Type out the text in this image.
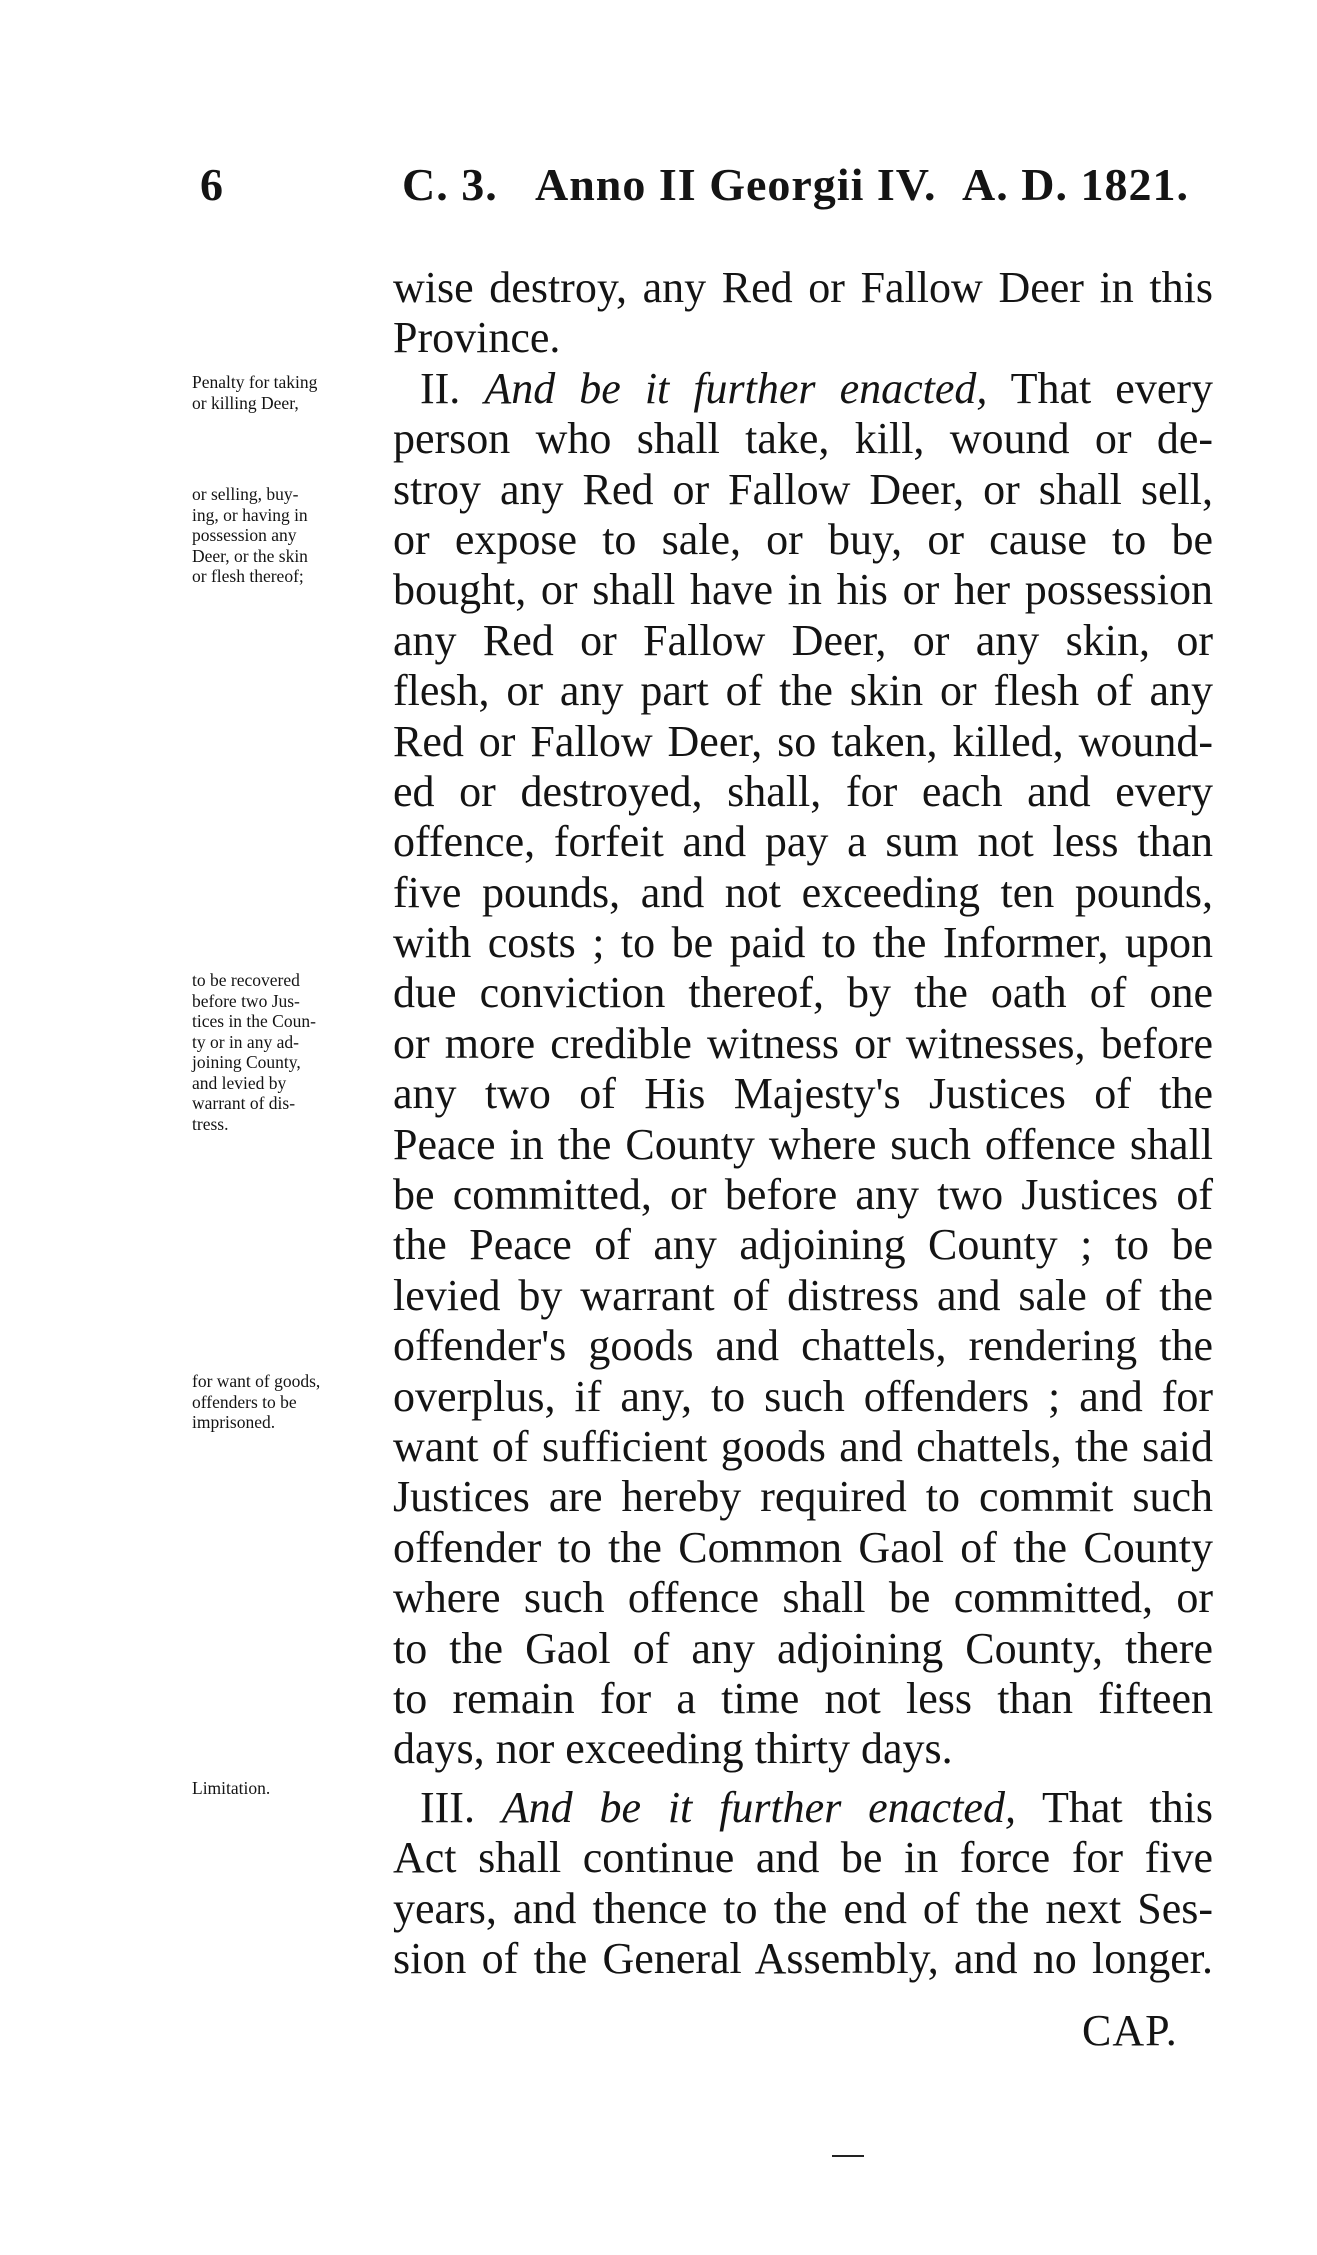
6	C. 3. Anno II Georgii IV. A. D. 1821.
Penalty for taking
or killing Deer,
or selling, buy-
ing, or having in
possession any
Deer, or the skin
or flesh thereof;
to be recovered
before two Jus-
tices in the Coun-
ty or in any ad-
joining County,
and levied by
warrant of dis-
tress.
for want of goods,
offenders to be
imprisoned.
Limitation.
wise destroy, any Red or Fallow Deer in this
Province.
II. And be it further enacted, That every
person who shall take, kill, wound or de-
stroy any Red or Fallow Deer, or shall sell,
or expose to sale, or buy, or cause to be
bought, or shall have in his or her possession
any Red or Fallow Deer, or any skin, or
flesh, or any part of the skin or flesh of any
Red or Fallow Deer, so taken, killed, wound-
ed or destroyed, shall, for each and every
offence, forfeit and pay a sum not less than
five pounds, and not exceeding ten pounds,
with costs ; to be paid to the Informer, upon
due conviction thereof, by the oath of one
or more credible witness or witnesses, before
any two of His Majesty's Justices of the
Peace in the County where such offence shall
be committed, or before any two Justices of
the Peace of any adjoining County ; to be
levied by warrant of distress and sale of the
offender's goods and chattels, rendering the
overplus, if any, to such offenders ; and for
want of sufficient goods and chattels, the said
Justices are hereby required to commit such
offender to the Common Gaol of the County
where such offence shall be committed, or
to the Gaol of any adjoining County, there
to remain for a time not less than fifteen
days, nor exceeding thirty days.
III. And be it further enacted, That this
Act shall continue and be in force for five
years, and thence to the end of the next Ses-
sion of the General Assembly, and no longer.
CAP.
